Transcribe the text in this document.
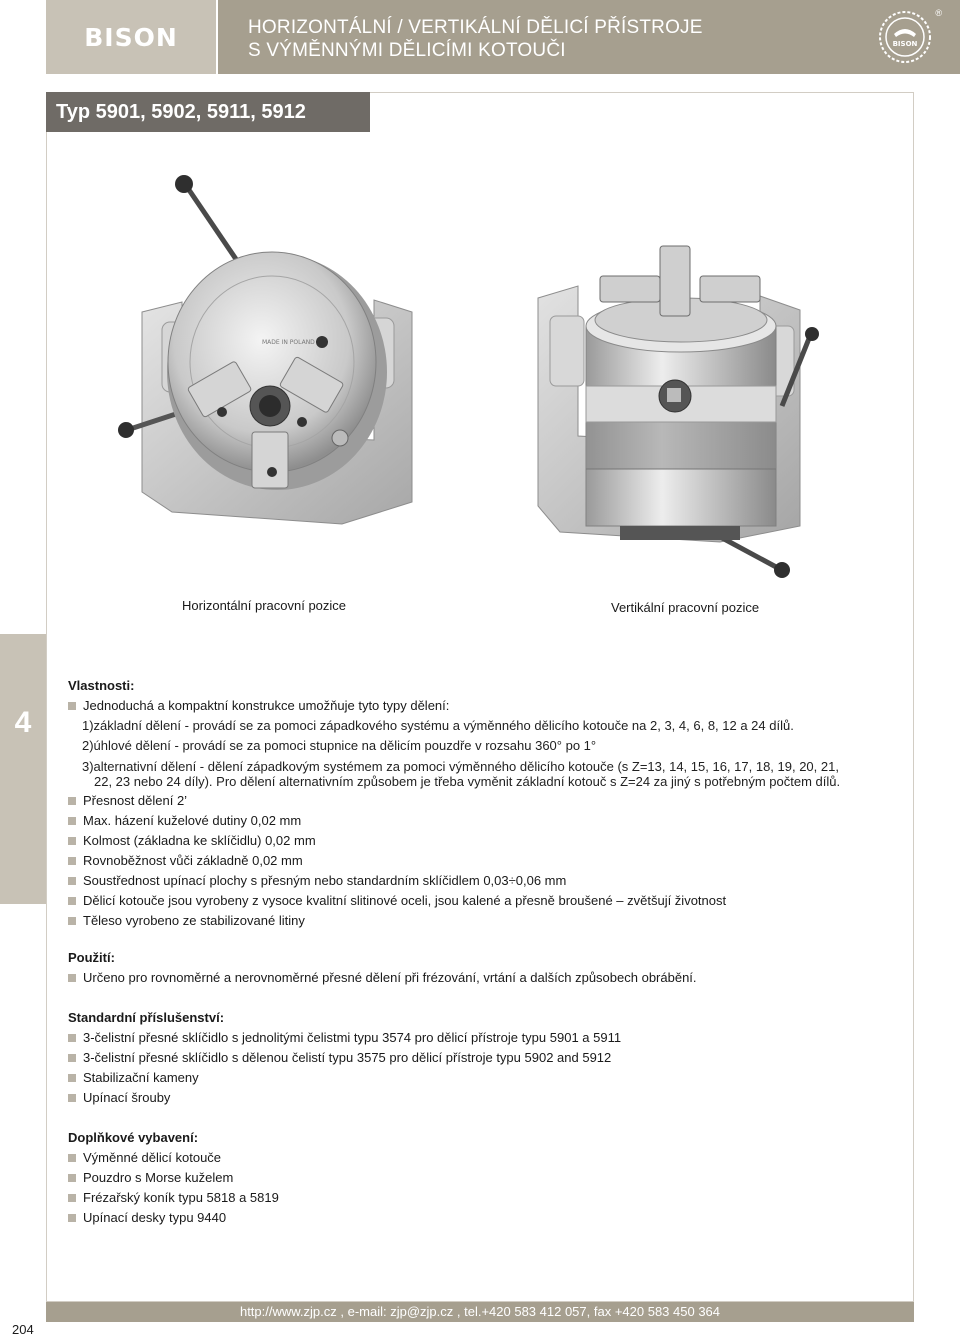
BISON	HORIZONTÁLNÍ / VERTIKÁLNÍ DĚLICÍ PŘÍSTROJE
S VÝMĚNNÝMI DĚLICÍMI KOTOUČI	BISON
®
4
Typ 5901, 5902, 5911, 5912
MADE IN POLAND
Horizontální pracovní pozice	Vertikální pracovní pozice
Vlastnosti:
Jednoduchá a kompaktní konstrukce umožňuje tyto typy dělení:
1)základní dělení - provádí se za pomoci západkového systému a výměnného dělicího kotouče na 2, 3, 4, 6, 8, 12 a 24 dílů.
2)úhlové dělení - provádí se za pomoci stupnice na dělicím pouzdře v rozsahu 360° po 1°
3)alternativní dělení - dělení západkovým systémem za pomoci výměnného dělicího kotouče (s Z=13, 14, 15, 16, 17, 18, 19, 20, 21,
22, 23 nebo 24 díly). Pro dělení alternativním způsobem je třeba vyměnit základní kotouč s Z=24 za jiný s potřebným počtem dílů.
Přesnost dělení 2’
Max. házení kuželové dutiny 0,02 mm
Kolmost (základna ke sklíčidlu) 0,02 mm
Rovnoběžnost vůči základně 0,02 mm
Soustřednost upínací plochy s přesným nebo standardním sklíčidlem 0,03÷0,06 mm
Dělicí kotouče jsou vyrobeny z vysoce kvalitní slitinové oceli, jsou kalené a přesně broušené – zvětšují životnost
Těleso vyrobeno ze stabilizované litiny
Použití:
Určeno pro rovnoměrné a nerovnoměrné přesné dělení při frézování, vrtání a dalších způsobech obrábění.
Standardní příslušenství:
3-čelistní přesné sklíčidlo s jednolitými čelistmi typu 3574 pro dělicí přístroje typu 5901 a 5911
3-čelistní přesné sklíčidlo s dělenou čelistí typu 3575 pro dělicí přístroje typu 5902 and 5912
Stabilizační kameny
Upínací šrouby
Doplňkové vybavení:
Výměnné dělicí kotouče
Pouzdro s Morse kuželem
Frézařský koník typu 5818 a 5819
Upínací desky typu 9440
http://www.zjp.cz , e-mail: zjp@zjp.cz , tel.+420 583 412 057, fax +420 583 450 364
204
